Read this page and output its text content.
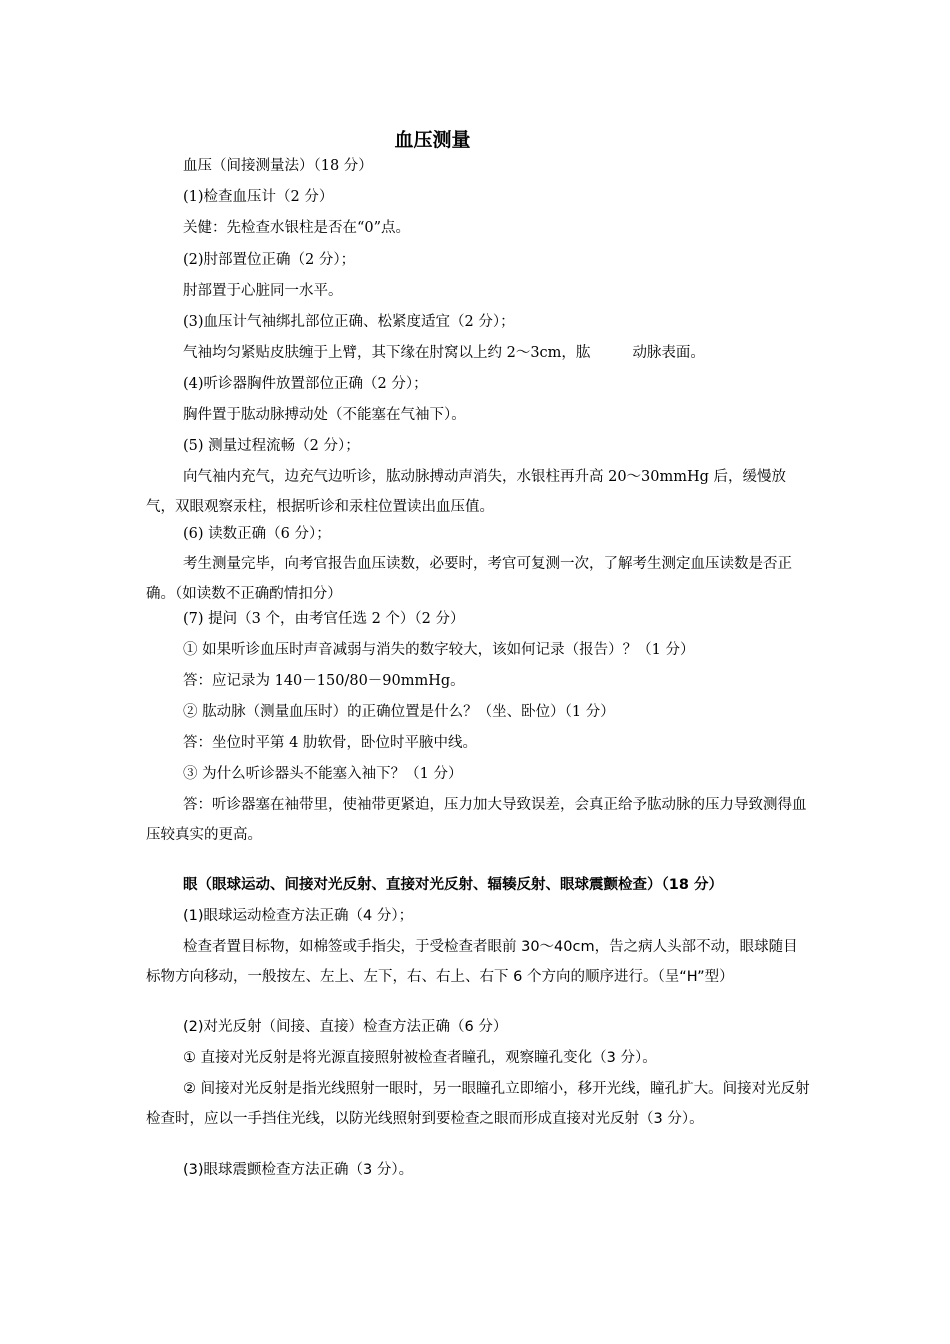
血压测量
血压（间接测量法）（18 分）
(1)检查血压计（2 分）
关健：先检查水银柱是否在“0”点。
(2)肘部置位正确（2 分）；
肘部置于心脏同一水平。
(3)血压计气袖绑扎部位正确、松紧度适宜（2 分）；
气袖均匀紧贴皮肤缠于上臂，其下缘在肘窝以上约 2～3cm，肱	动脉表面。
(4)听诊器胸件放置部位正确（2 分）；
胸件置于肱动脉搏动处（不能塞在气袖下）。
(5) 测量过程流畅（2 分）；
向气袖内充气，边充气边听诊，肱动脉搏动声消失，水银柱再升高 20～30mmHg 后，缓慢放气，双眼观察汞柱，根据听诊和汞柱位置读出血压值。
(6) 读数正确（6 分）；
考生测量完毕，向考官报告血压读数，必要时，考官可复测一次，了解考生测定血压读数是否正确。（如读数不正确酌情扣分）
(7) 提问（3 个，由考官任选 2 个）（2 分）
① 如果听诊血压时声音减弱与消失的数字较大，该如何记录（报告）？（1 分）
答：应记录为 140－150/80－90mmHg。
② 肱动脉（测量血压时）的正确位置是什么？（坐、卧位）（1 分）
答：坐位时平第 4 肋软骨，卧位时平腋中线。
③ 为什么听诊器头不能塞入袖下？（1 分）
答：听诊器塞在袖带里，使袖带更紧迫，压力加大导致误差，会真正给予肱动脉的压力导致测得血压较真实的更高。
眼（眼球运动、间接对光反射、直接对光反射、辐辏反射、眼球震颤检查）（18 分）
(1)眼球运动检查方法正确（4 分）；
检查者置目标物，如棉签或手指尖，于受检查者眼前 30～40cm，告之病人头部不动，眼球随目标物方向移动，一般按左、左上、左下，右、右上、右下 6 个方向的顺序进行。（呈“H”型）
(2)对光反射（间接、直接）检查方法正确（6 分）
① 直接对光反射是将光源直接照射被检查者瞳孔，观察瞳孔变化（3 分）。
② 间接对光反射是指光线照射一眼时，另一眼瞳孔立即缩小，移开光线，瞳孔扩大。间接对光反射检查时，应以一手挡住光线，以防光线照射到要检查之眼而形成直接对光反射（3 分）。
(3)眼球震颤检查方法正确（3 分）。
